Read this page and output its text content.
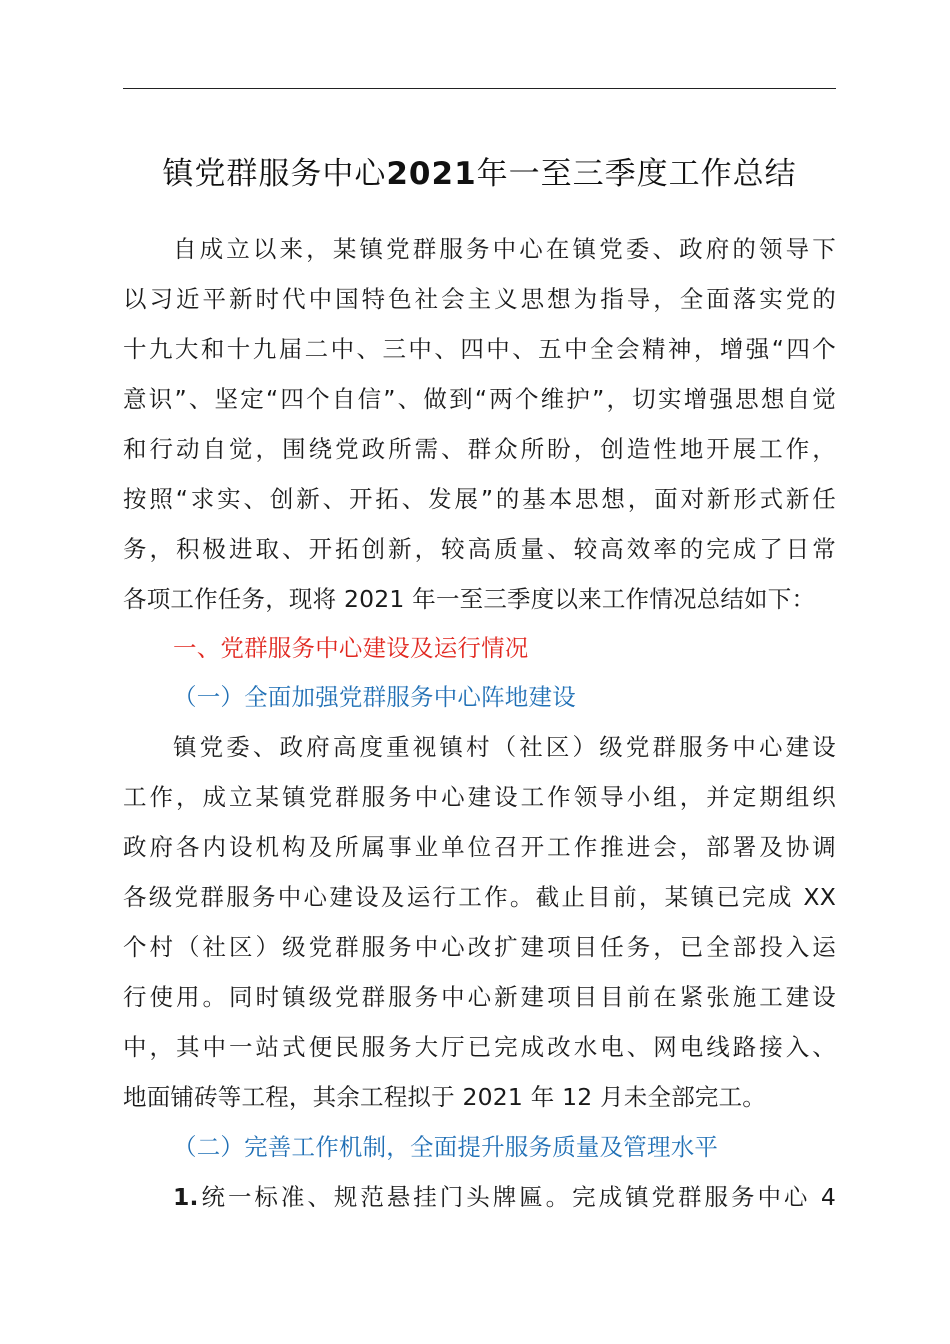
镇党群服务中心2021年一至三季度工作总结
自成立以来，某镇党群服务中心在镇党委、政府的领导下
以习近平新时代中国特色社会主义思想为指导，全面落实党的
十九大和十九届二中、三中、四中、五中全会精神，增强“四个
意识”、坚定“四个自信”、做到“两个维护”，切实增强思想自觉
和行动自觉，围绕党政所需、群众所盼，创造性地开展工作，
按照“求实、创新、开拓、发展”的基本思想，面对新形式新任
务，积极进取、开拓创新，较高质量、较高效率的完成了日常
各项工作任务，现将 2021 年一至三季度以来工作情况总结如下：
一、党群服务中心建设及运行情况
（一）全面加强党群服务中心阵地建设
镇党委、政府高度重视镇村（社区）级党群服务中心建设
工作，成立某镇党群服务中心建设工作领导小组，并定期组织
政府各内设机构及所属事业单位召开工作推进会，部署及协调
各级党群服务中心建设及运行工作。截止目前，某镇已完成 XX
个村（社区）级党群服务中心改扩建项目任务，已全部投入运
行使用。同时镇级党群服务中心新建项目目前在紧张施工建设
中，其中一站式便民服务大厅已完成改水电、网电线路接入、
地面铺砖等工程，其余工程拟于 2021 年 12 月未全部完工。
（二）完善工作机制，全面提升服务质量及管理水平
1.统一标准、规范悬挂门头牌匾。完成镇党群服务中心 4
